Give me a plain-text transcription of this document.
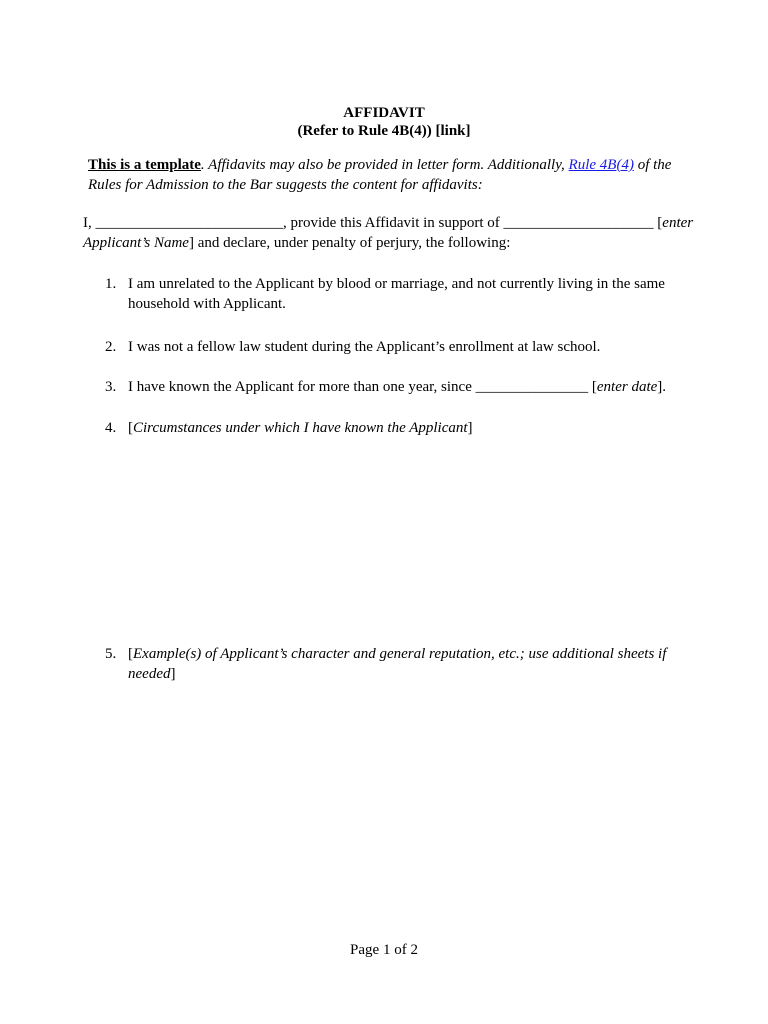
AFFIDAVIT
(Refer to Rule 4B(4)) [link]
This is a template. Affidavits may also be provided in letter form. Additionally, Rule 4B(4) of the Rules for Admission to the Bar suggests the content for affidavits:
I, _________________________, provide this Affidavit in support of ____________________ [enter Applicant’s Name] and declare, under penalty of perjury, the following:
1. I am unrelated to the Applicant by blood or marriage, and not currently living in the same household with Applicant.
2. I was not a fellow law student during the Applicant’s enrollment at law school.
3. I have known the Applicant for more than one year, since _______________ [enter date].
4. [Circumstances under which I have known the Applicant]
5. [Example(s) of Applicant’s character and general reputation, etc.; use additional sheets if needed]
Page 1 of 2
